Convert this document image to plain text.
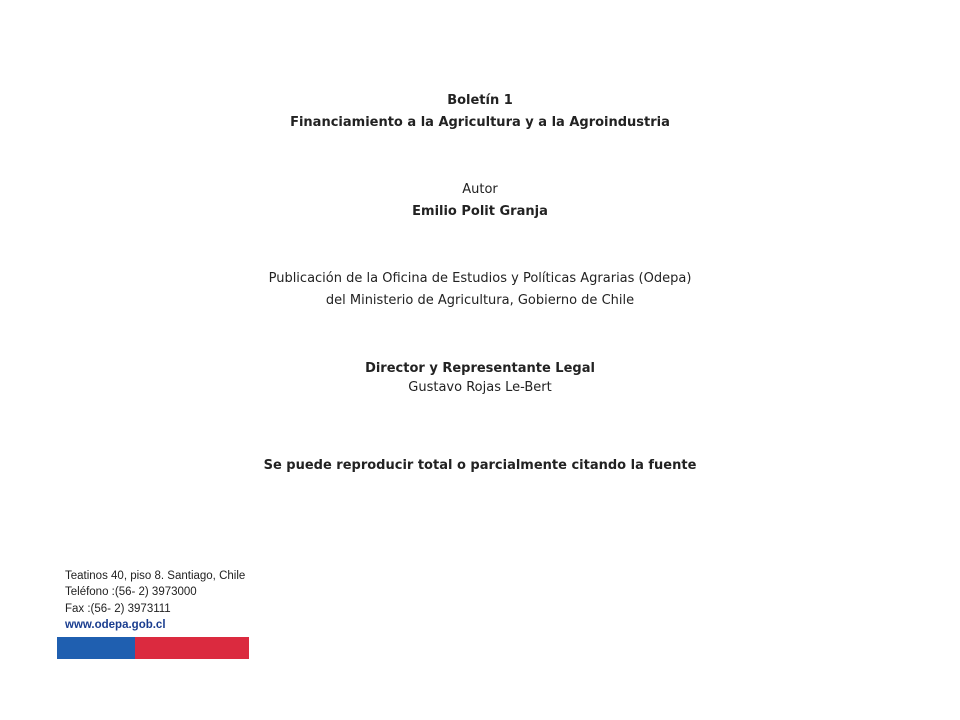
Boletín 1
Financiamiento a la Agricultura y a la Agroindustria
Autor
Emilio Polit Granja
Publicación de la Oficina de Estudios y Políticas Agrarias (Odepa)
del Ministerio de Agricultura, Gobierno de Chile
Director y Representante Legal
Gustavo Rojas Le-Bert
Se puede reproducir total o parcialmente citando la fuente
Teatinos 40, piso 8. Santiago, Chile
Teléfono :(56- 2) 3973000
Fax :(56- 2) 3973111
www.odepa.gob.cl
